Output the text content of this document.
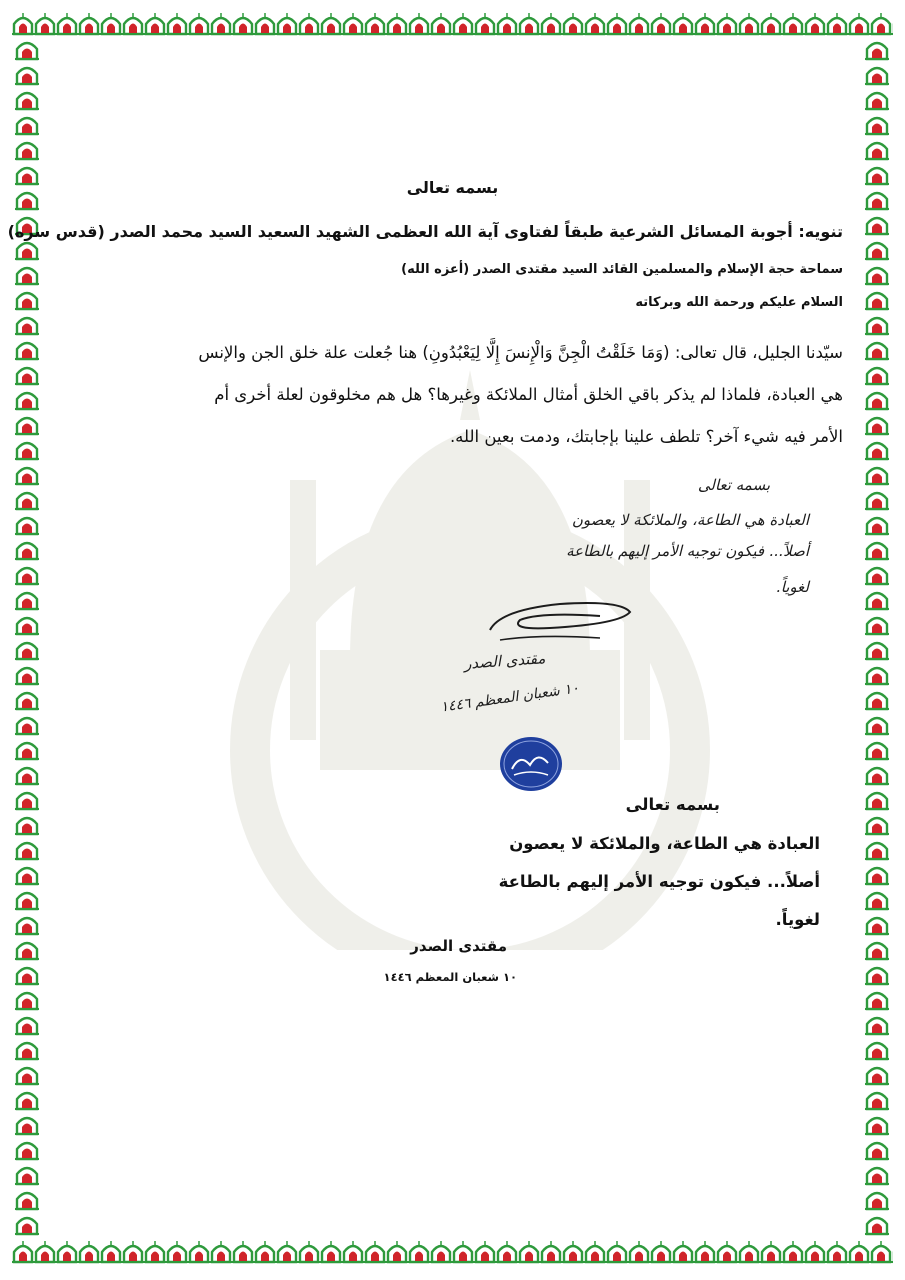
بسمه تعالى
تنويه: أجوبة المسائل الشرعية طبقاً لفتاوى آية الله العظمى الشهيد السعيد السيد محمد الصدر (قدس سره)
سماحة حجة الإسلام والمسلمين القائد السيد مقتدى الصدر (أعزه الله)
السلام عليكم ورحمة الله وبركاته
سيّدنا الجليل، قال تعالى: (وَمَا خَلَقْتُ الْجِنَّ وَالْإِنسَ إِلَّا لِيَعْبُدُونِ) هنا جُعلت علة خلق الجن والإنس
هي العبادة، فلماذا لم يذكر باقي الخلق أمثال الملائكة وغيرها؟ هل هم مخلوقون لعلة أخرى أم
الأمر فيه شيء آخر؟ تلطف علينا بإجابتك، ودمت بعين الله.
بسمه تعالى
العبادة هي الطاعة، والملائكة لا يعصون
أصلاً... فيكون توجيه الأمر إليهم بالطاعة
لغوياً.
مقتدى الصدر
١٠ شعبان المعظم ١٤٤٦
بسمه تعالى
العبادة هي الطاعة، والملائكة لا يعصون
أصلاً... فيكون توجيه الأمر إليهم بالطاعة
لغوياً.
مقتدى الصدر
١٠ شعبان المعظم ١٤٤٦
